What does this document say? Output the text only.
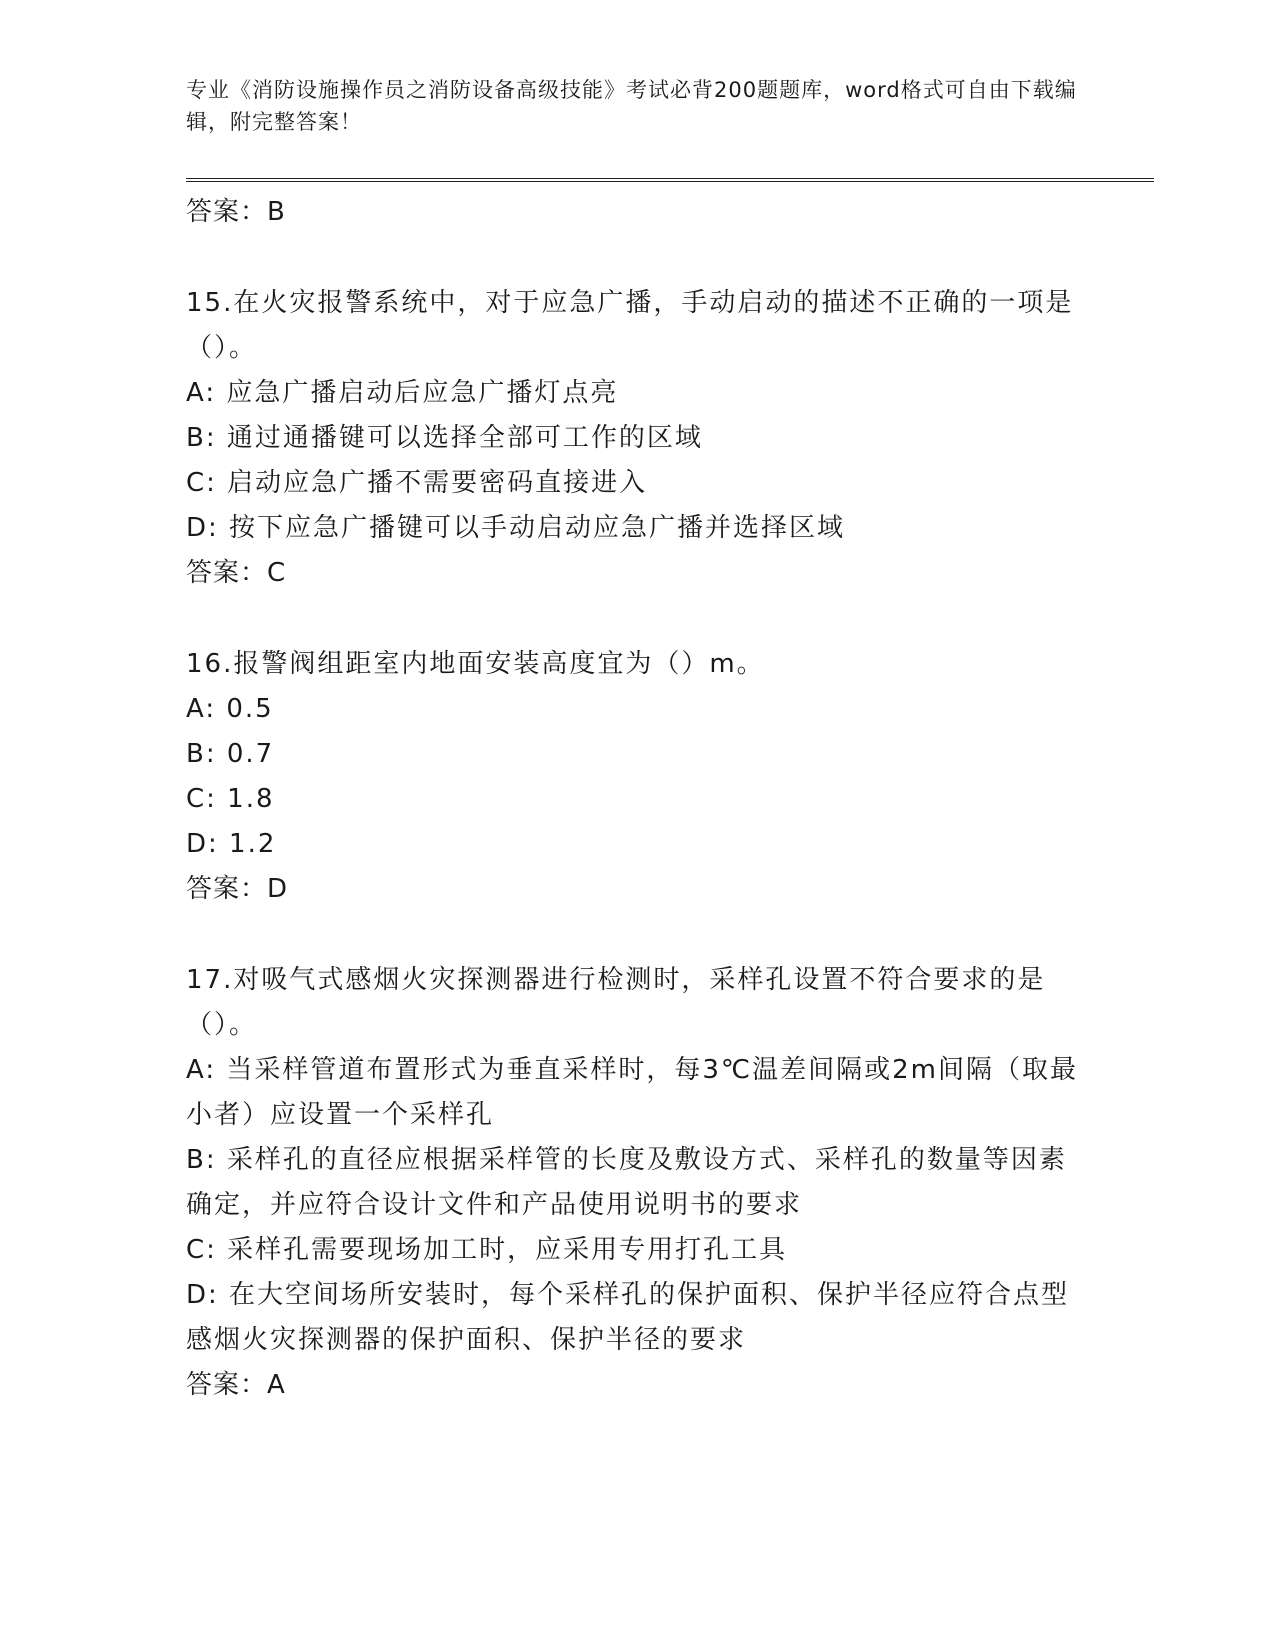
专业《消防设施操作员之消防设备高级技能》考试必背200题题库，word格式可自由下载编辑，附完整答案！

答案：B

15.在火灾报警系统中，对于应急广播，手动启动的描述不正确的一项是（）。

A: 应急广播启动后应急广播灯点亮

B: 通过通播键可以选择全部可工作的区域

C: 启动应急广播不需要密码直接进入

D: 按下应急广播键可以手动启动应急广播并选择区域

答案：C

16.报警阀组距室内地面安装高度宜为（）m。

A: 0.5

B: 0.7

C: 1.8

D: 1.2

答案：D

17.对吸气式感烟火灾探测器进行检测时，采样孔设置不符合要求的是（）。

A: 当采样管道布置形式为垂直采样时，每3℃温差间隔或2m间隔（取最小者）应设置一个采样孔

B: 采样孔的直径应根据采样管的长度及敷设方式、采样孔的数量等因素确定，并应符合设计文件和产品使用说明书的要求

C: 采样孔需要现场加工时，应采用专用打孔工具

D: 在大空间场所安装时，每个采样孔的保护面积、保护半径应符合点型感烟火灾探测器的保护面积、保护半径的要求

答案：A
